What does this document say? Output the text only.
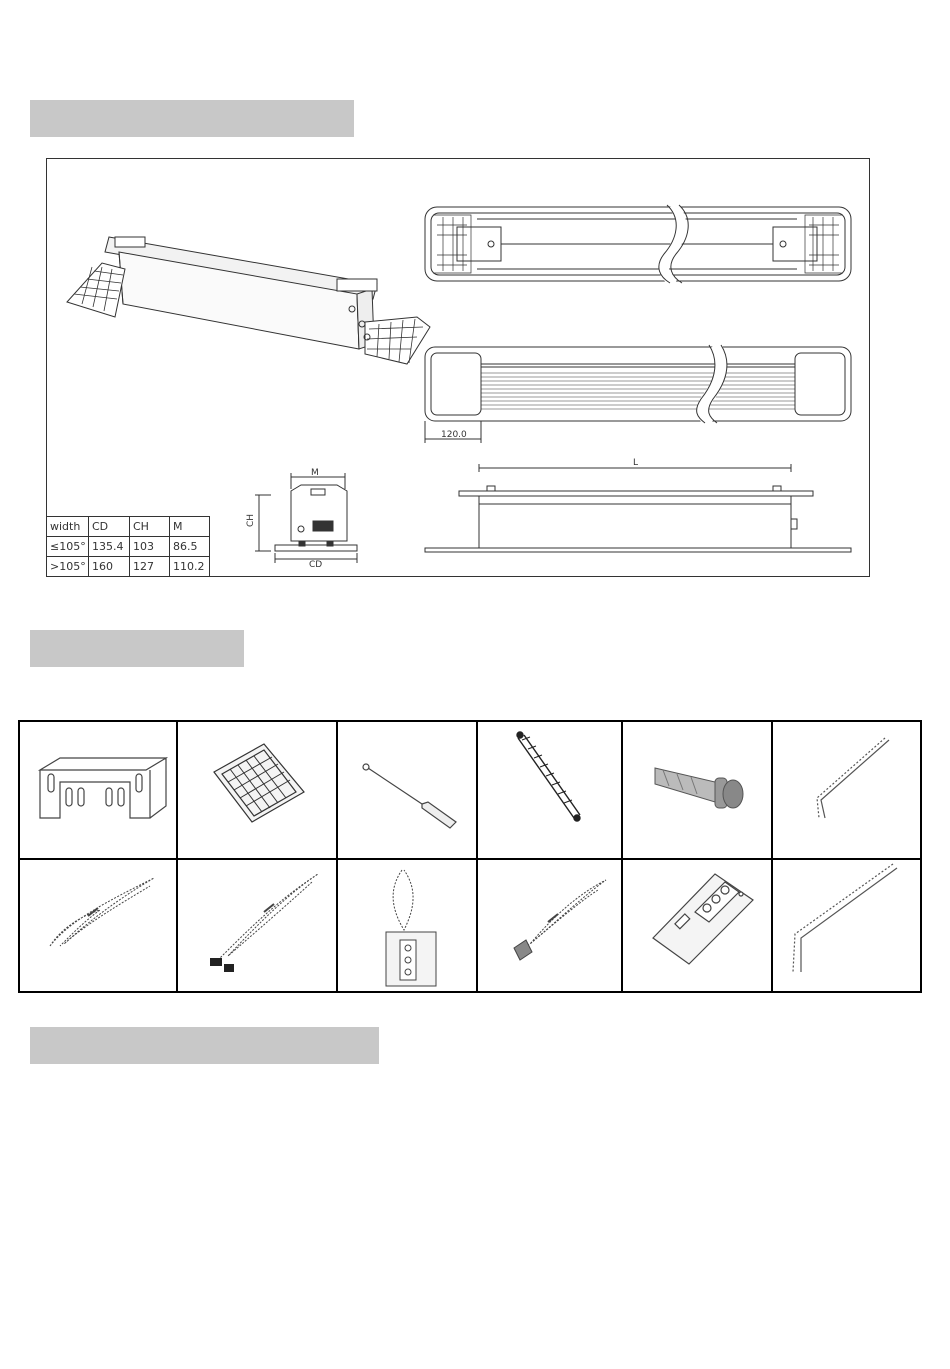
120.0
L
M
CH
CD
width	CD	CH	M
≤105°	135.4	103	86.5
>105°	160	127	110.2
